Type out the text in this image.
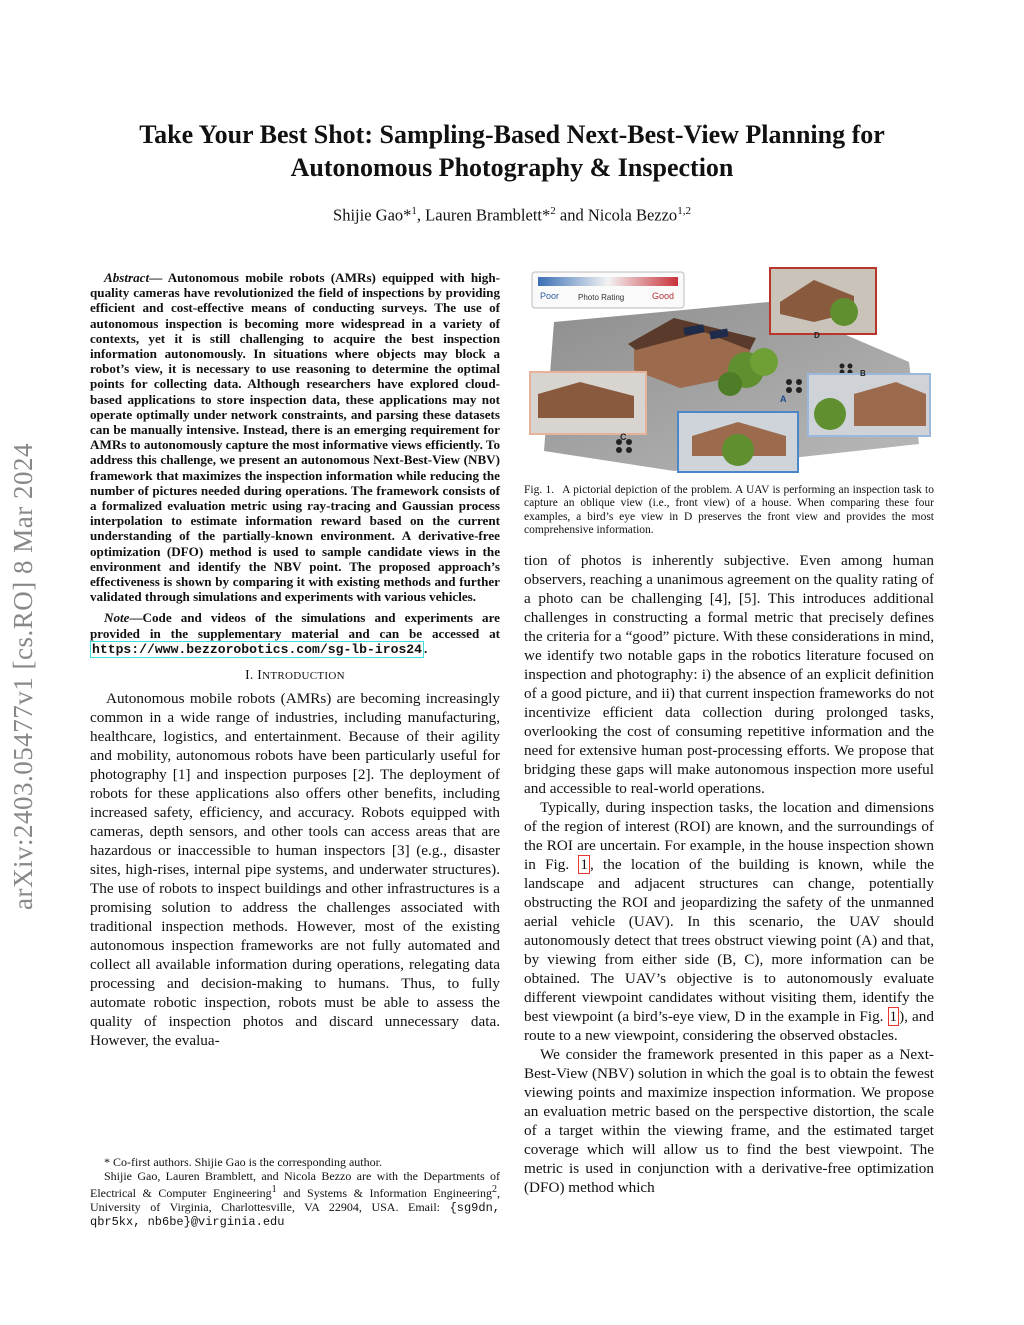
arXiv:2403.05477v1 [cs.RO] 8 Mar 2024
Take Your Best Shot: Sampling-Based Next-Best-View Planning for
Autonomous Photography & Inspection
Shijie Gao*$^1$, Lauren Bramblett*$^2$ and Nicola Bezzo$^{1,2}$

Abstract— Autonomous mobile robots (AMRs) equipped with high-quality cameras have revolutionized the field of inspections by providing efficient and cost-effective means of conducting surveys. The use of autonomous inspection is becoming more widespread in a variety of contexts, yet it is still challenging to acquire the best inspection information autonomously. In situations where objects may block a robot’s view, it is necessary to use reasoning to determine the optimal points for collecting data. Although researchers have explored cloud-based applications to store inspection data, these applications may not operate optimally under network constraints, and parsing these datasets can be manually intensive. Instead, there is an emerging requirement for AMRs to autonomously capture the most informative views efficiently. To address this challenge, we present an autonomous Next-Best-View (NBV) framework that maximizes the inspection information while reducing the number of pictures needed during operations. The framework consists of a formalized evaluation metric using ray-tracing and Gaussian process interpolation to estimate information reward based on the current understanding of the partially-known environment. A derivative-free optimization (DFO) method is used to sample candidate views in the environment and identify the NBV point. The proposed approach’s effectiveness is shown by comparing it with existing methods and further validated through simulations and experiments with various vehicles.

Note—Code and videos of the simulations and experiments are provided in the supplementary material and can be accessed at https://www.bezzorobotics.com/sg-lb-iros24 .

I. INTRODUCTION

Autonomous mobile robots (AMRs) are becoming increasingly common in a wide range of industries, including manufacturing, healthcare, logistics, and entertainment. Because of their agility and mobility, autonomous robots have been particularly useful for photography [1] and inspection purposes [2]. The deployment of robots for these applications also offers other benefits, including increased safety, efficiency, and accuracy. Robots equipped with cameras, depth sensors, and other tools can access areas that are hazardous or inaccessible to human inspectors [3] (e.g., disaster sites, high-rises, internal pipe systems, and underwater structures). The use of robots to inspect buildings and other infrastructures is a promising solution to address the challenges associated with traditional inspection methods. However, most of the existing autonomous inspection frameworks are not fully automated and collect all available information during operations, relegating data processing and decision-making to humans. Thus, to fully automate robotic inspection, robots must be able to assess the quality of inspection photos and discard unnecessary data. However, the evalua-

* Co-first authors. Shijie Gao is the corresponding author.

Shijie Gao, Lauren Bramblett, and Nicola Bezzo are with the Departments of Electrical & Computer Engineering$^1$ and Systems & Information Engineering$^2$, University of Virginia, Charlottesville, VA 22904, USA. Email: {sg9dn, qbr5kx, nb6be}@virginia.edu

Poor Photo Rating	Good
D
B
A
C
Fig. 1. A pictorial depiction of the problem. A UAV is performing an inspection task to capture an oblique view (i.e., front view) of a house. When comparing these four examples, a bird’s eye view in D preserves the front view and provides the most comprehensive information.

tion of photos is inherently subjective. Even among human observers, reaching a unanimous agreement on the quality rating of a photo can be challenging [4], [5]. This introduces additional challenges in constructing a formal metric that precisely defines the criteria for a “good” picture. With these considerations in mind, we identify two notable gaps in the robotics literature focused on inspection and photography: i) the absence of an explicit definition of a good picture, and ii) that current inspection frameworks do not incentivize efficient data collection during prolonged tasks, overlooking the cost of consuming repetitive information and the need for extensive human post-processing efforts. We propose that bridging these gaps will make autonomous inspection more useful and accessible to real-world operations.

Typically, during inspection tasks, the location and dimensions of the region of interest (ROI) are known, and the surroundings of the ROI are uncertain. For example, in the house inspection shown in Fig. 1 , the location of the building is known, while the landscape and adjacent structures can change, potentially obstructing the ROI and jeopardizing the safety of the unmanned aerial vehicle (UAV). In this scenario, the UAV should autonomously detect that trees obstruct viewing point (A) and that, by viewing from either side (B, C), more information can be obtained. The UAV’s objective is to autonomously evaluate different viewpoint candidates without visiting them, identify the best viewpoint (a bird’s-eye view, D in the example in Fig. 1 ), and route to a new viewpoint, considering the observed obstacles.

We consider the framework presented in this paper as a Next-Best-View (NBV) solution in which the goal is to obtain the fewest viewing points and maximize inspection information. We propose an evaluation metric based on the perspective distortion, the scale of a target within the viewing frame, and the estimated target coverage which will allow us to find the best viewpoint. The metric is used in conjunction with a derivative-free optimization (DFO) method which
